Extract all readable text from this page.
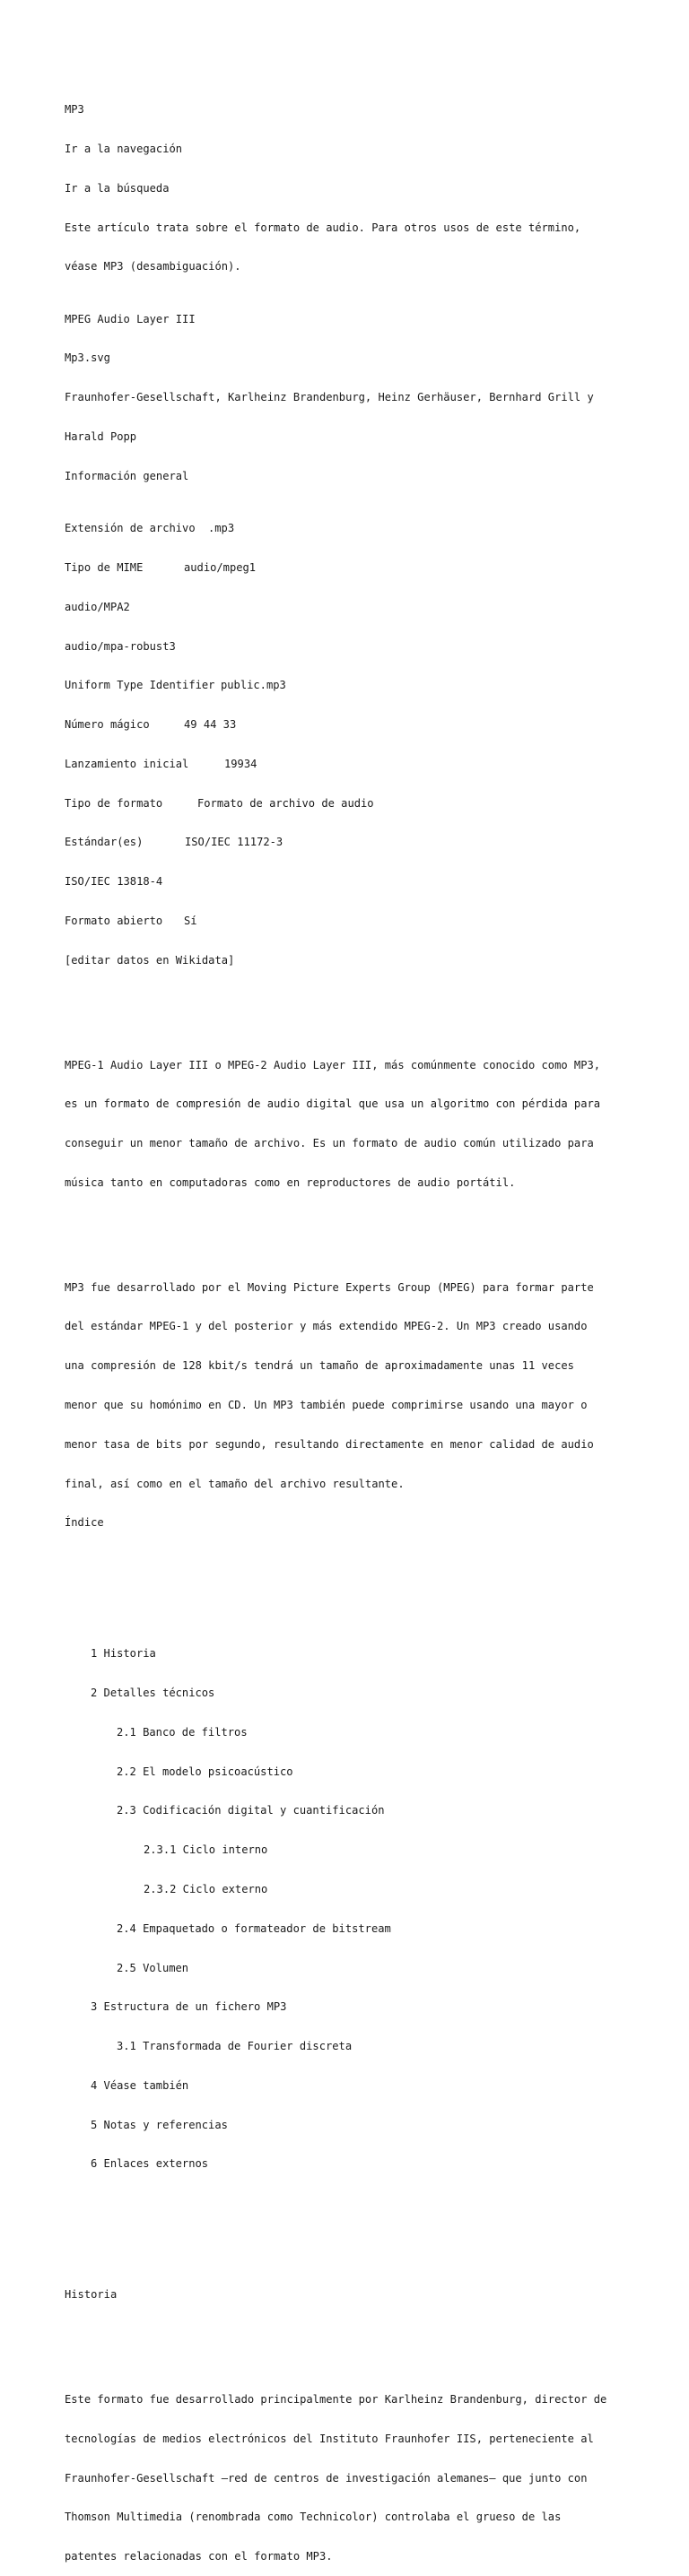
MP3

Ir a la navegación

Ir a la búsqueda

Este artículo trata sobre el formato de audio. Para otros usos de este término,

véase MP3 (desambiguación).

MPEG Audio Layer III

Mp3.svg

Fraunhofer-Gesellschaft, Karlheinz Brandenburg, Heinz Gerhäuser, Bernhard Grill y

Harald Popp

Información general

Extensión de archivo .mp3

Tipo de MIME	audio/mpeg1

audio/MPA2

audio/mpa-robust3

Uniform Type Identifier public.mp3

Número mágico	49 44 33

Lanzamiento inicial	19934

Tipo de formato	Formato de archivo de audio

Estándar(es)	ISO/IEC 11172-3

ISO/IEC 13818-4

Formato abierto Sí

[editar datos en Wikidata]

MPEG-1 Audio Layer III o MPEG-2 Audio Layer III, más comúnmente conocido como MP3,

es un formato de compresión de audio digital que usa un algoritmo con pérdida para

conseguir un menor tamaño de archivo. Es un formato de audio común utilizado para

música tanto en computadoras como en reproductores de audio portátil.

MP3 fue desarrollado por el Moving Picture Experts Group (MPEG) para formar parte

del estándar MPEG-1 y del posterior y más extendido MPEG-2. Un MP3 creado usando

una compresión de 128 kbit/s tendrá un tamaño de aproximadamente unas 11 veces

menor que su homónimo en CD. Un MP3 también puede comprimirse usando una mayor o

menor tasa de bits por segundo, resultando directamente en menor calidad de audio

final, así como en el tamaño del archivo resultante.

Índice

1 Historia

2 Detalles técnicos

2.1 Banco de filtros

2.2 El modelo psicoacústico

2.3 Codificación digital y cuantificación

2.3.1 Ciclo interno

2.3.2 Ciclo externo

2.4 Empaquetado o formateador de bitstream

2.5 Volumen

3 Estructura de un fichero MP3

3.1 Transformada de Fourier discreta

4 Véase también

5 Notas y referencias

6 Enlaces externos

Historia

Este formato fue desarrollado principalmente por Karlheinz Brandenburg, director de

tecnologías de medios electrónicos del Instituto Fraunhofer IIS, perteneciente al

Fraunhofer-Gesellschaft —red de centros de investigación alemanes— que junto con

Thomson Multimedia (renombrada como Technicolor) controlaba el grueso de las

patentes relacionadas con el formato MP3.
